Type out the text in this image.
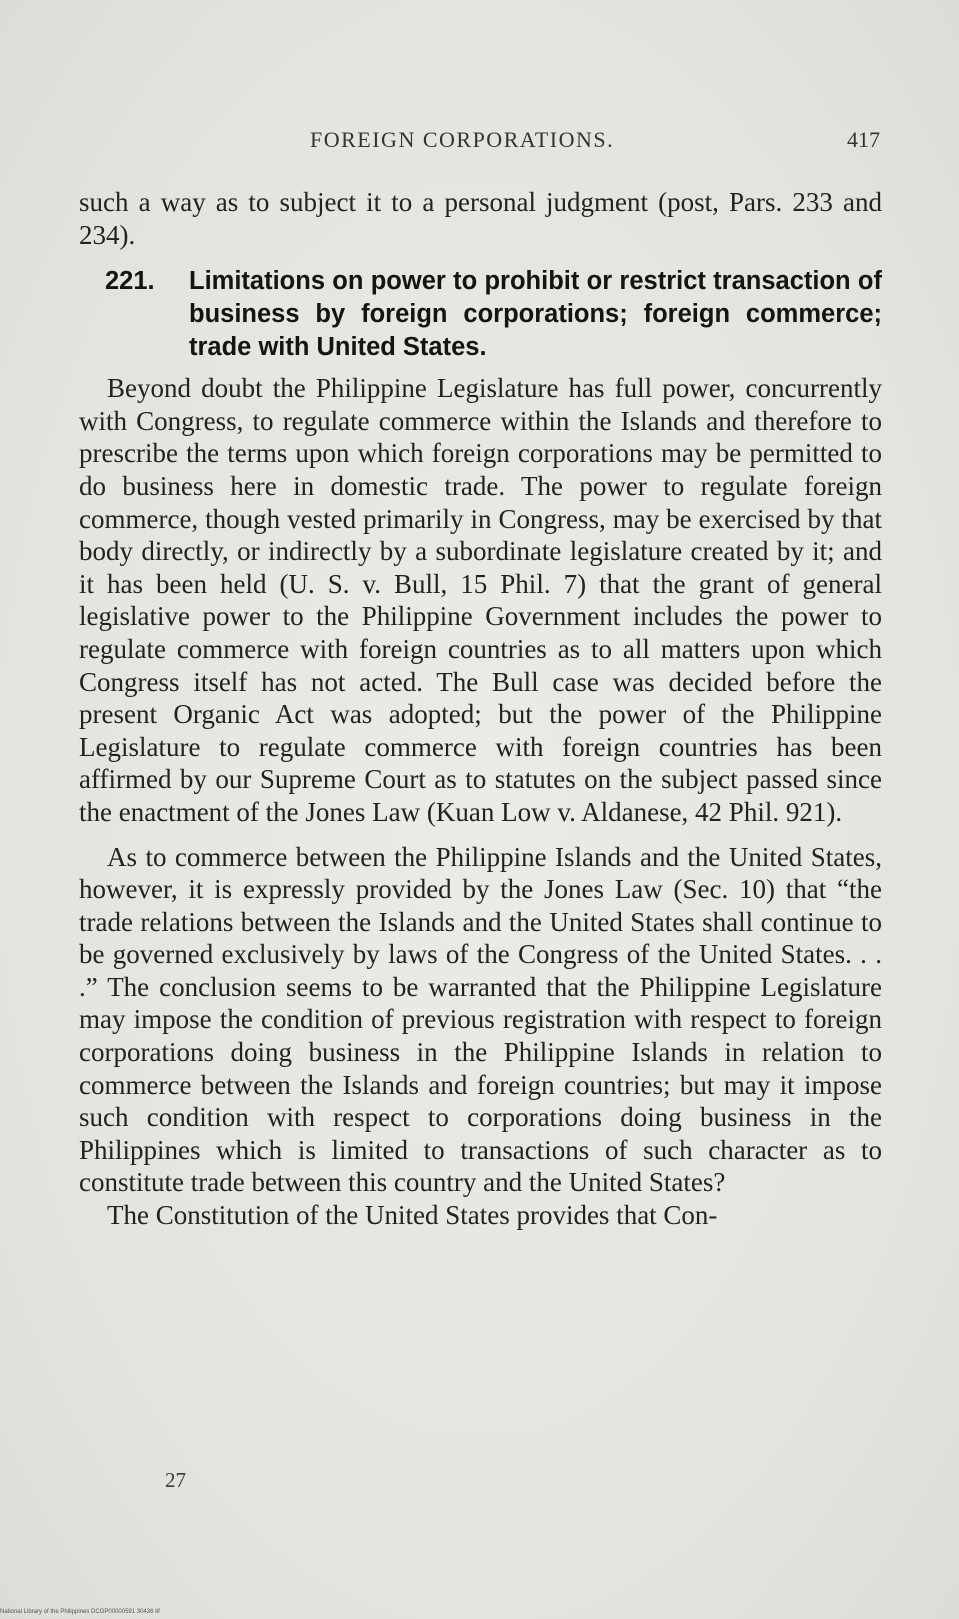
FOREIGN CORPORATIONS.	417

such a way as to subject it to a personal judgment (post, Pars. 233 and 234).

221. Limitations on power to prohibit or restrict transaction of business by foreign corporations; foreign commerce; trade with United States.

Beyond doubt the Philippine Legislature has full power, concurrently with Congress, to regulate commerce within the Islands and therefore to prescribe the terms upon which foreign corporations may be permitted to do business here in domestic trade. The power to regulate foreign commerce, though vested primarily in Congress, may be exercised by that body directly, or indirectly by a subordinate legislature created by it; and it has been held (U. S. v. Bull, 15 Phil. 7) that the grant of general legislative power to the Philippine Government includes the power to regulate commerce with foreign countries as to all matters upon which Congress itself has not acted. The Bull case was decided before the present Organic Act was adopted; but the power of the Philippine Legislature to regulate commerce with foreign countries has been affirmed by our Supreme Court as to statutes on the subject passed since the enactment of the Jones Law (Kuan Low v. Aldanese, 42 Phil. 921).

As to commerce between the Philippine Islands and the United States, however, it is expressly provided by the Jones Law (Sec. 10) that “the trade relations between the Islands and the United States shall continue to be governed exclusively by laws of the Congress of the United States. . . .” The conclusion seems to be warranted that the Philippine Legislature may impose the condition of previous registration with respect to foreign corporations doing business in the Philippine Islands in relation to commerce between the Islands and foreign countries; but may it impose such condition with respect to corporations doing business in the Philippines which is limited to transactions of such character as to constitute trade between this country and the United States?

The Constitution of the United States provides that Con-

27
National Library of the Philippines DCGP00000591 30436 tif
